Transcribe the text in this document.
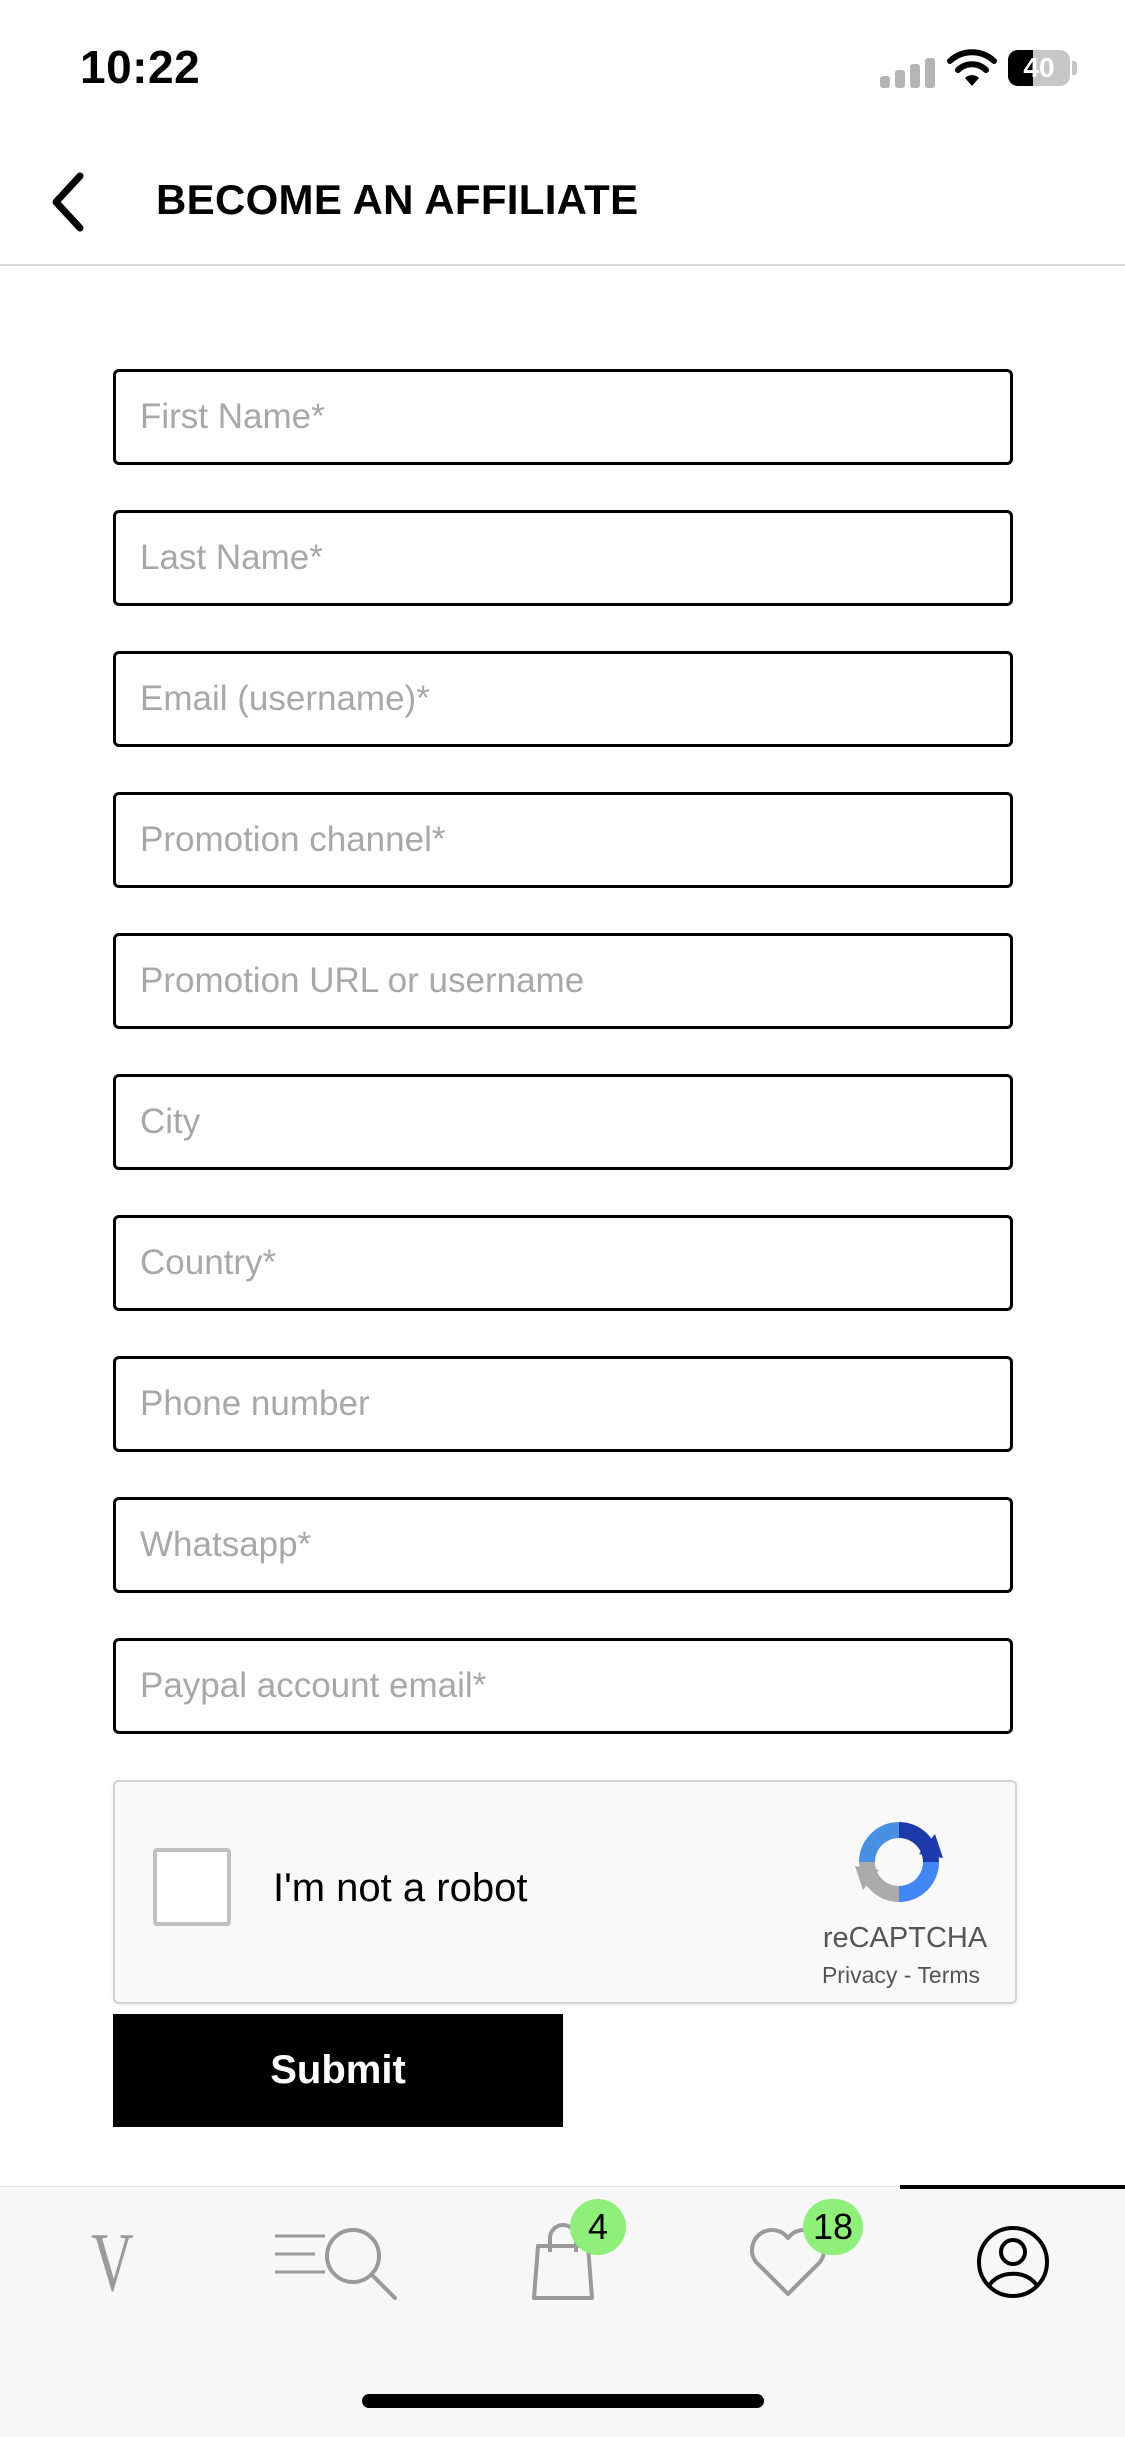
10:22	40
BECOME AN AFFILIATE
First Name*
Last Name*
Email (username)*
Promotion channel*
Promotion URL or username
City
Country*
Phone number
Whatsapp*
Paypal account email*
I'm not a robot
reCAPTCHA
Privacy - Terms
Submit
V	4	18
